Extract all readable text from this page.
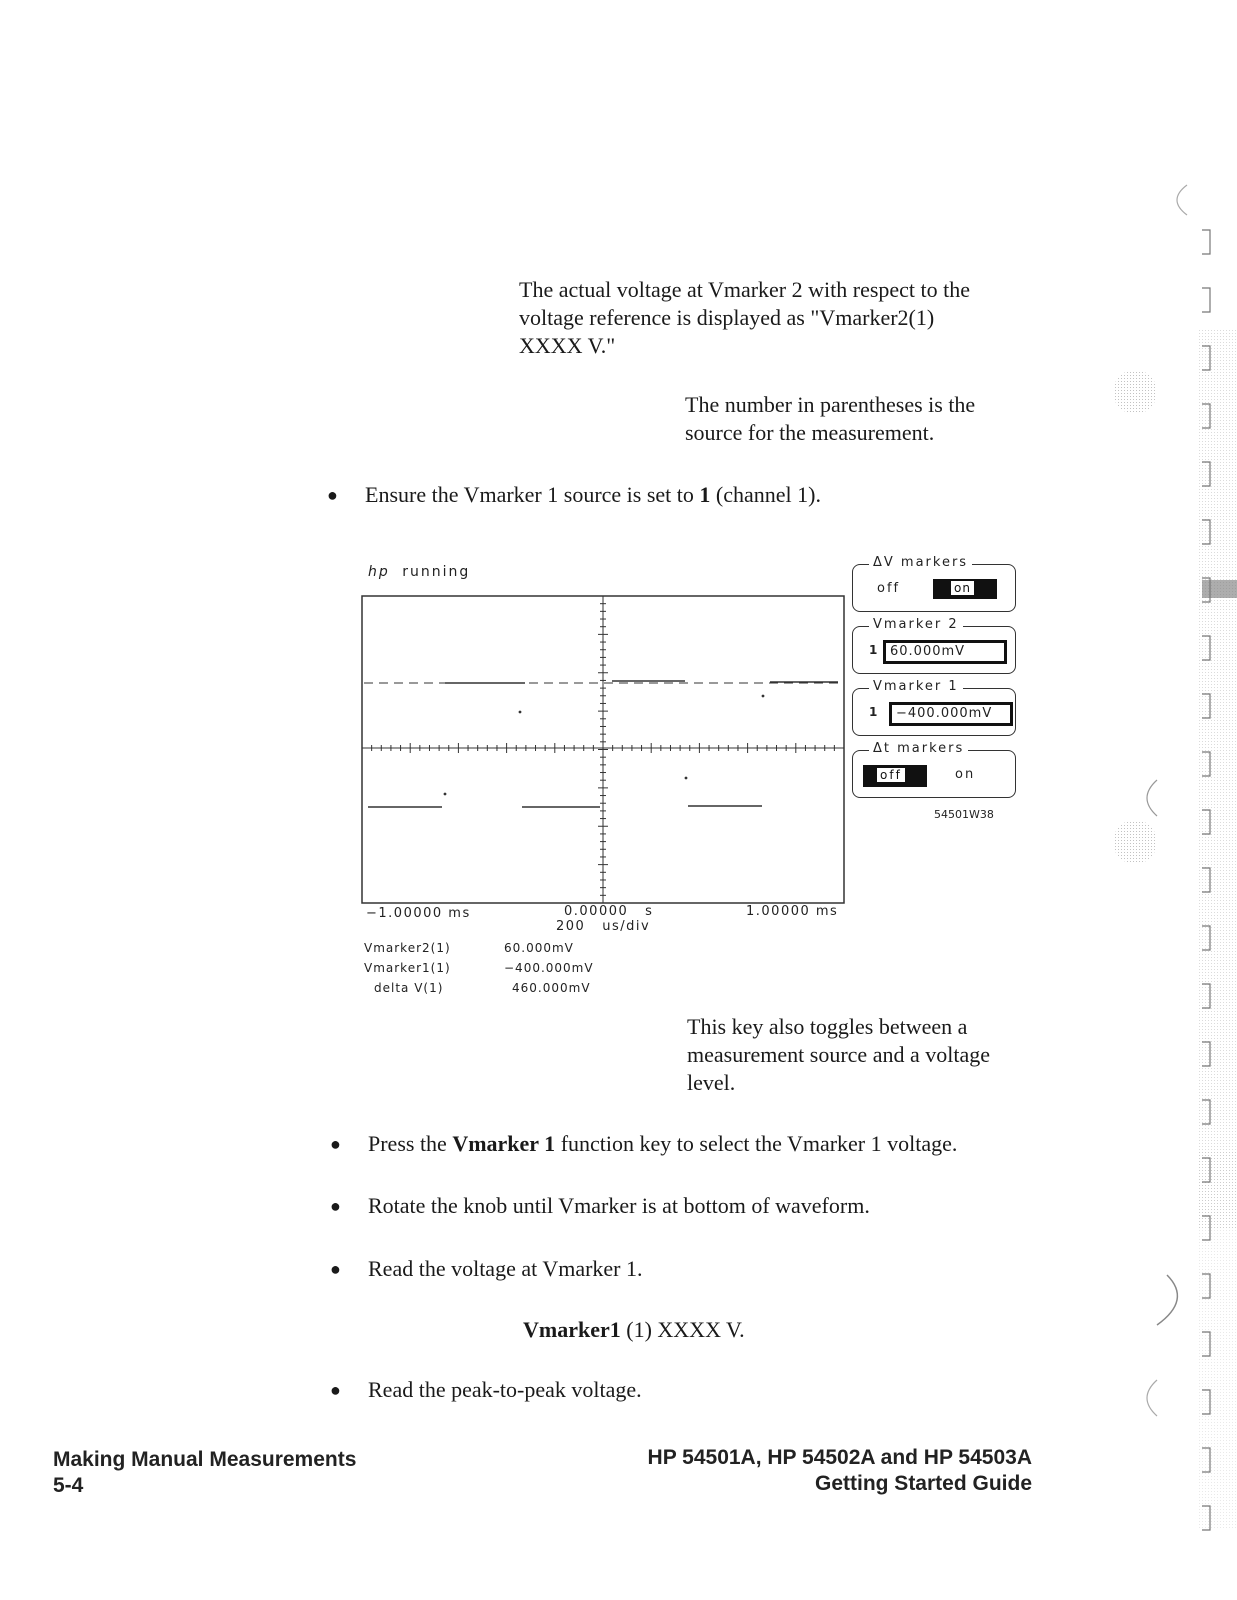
The actual voltage at Vmarker 2 with respect to the
voltage reference is displayed as "Vmarker2(1)
XXXX V."
The number in parentheses is the
source for the measurement.
● Ensure the Vmarker 1 source is set to 1 (channel 1).
hp running
−1.00000 ms	0.00000   s
200   us/div
1.00000 ms
Vmarker2(1)	60.000mV
Vmarker1(1)	−400.000mV
delta V(1)	460.000mV
ΔV markers
off	on
Vmarker 2
1 60.000mV
Vmarker 1
1	−400.000mV
Δt markers
off	on
54501W38
This key also toggles between a
measurement source and a voltage
level.
● Press the Vmarker 1 function key to select the Vmarker 1 voltage.
● Rotate the knob until Vmarker is at bottom of waveform.
● Read the voltage at Vmarker 1.
Vmarker1 (1) XXXX V.
● Read the peak-to-peak voltage.
Making Manual Measurements
5-4
HP 54501A, HP 54502A and HP 54503A
Getting Started Guide
